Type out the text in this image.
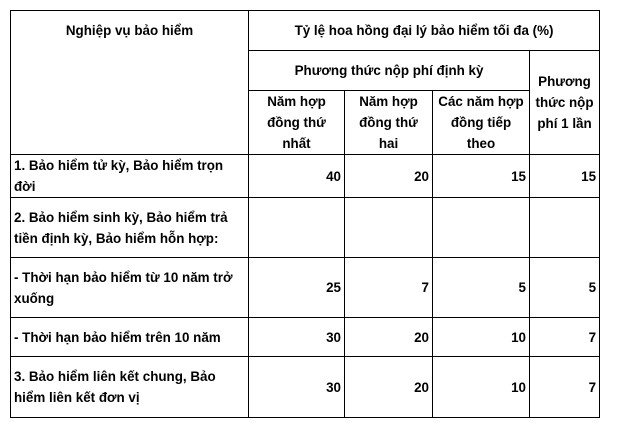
Nghiệp vụ bảo hiểm	Tỷ lệ hoa hồng đại lý bảo hiểm tối đa (%)			
	Phương thức nộp phí định kỳ			Phương thức nộp phí 1 lần
	Năm hợp đồng thứ nhất	Năm hợp đồng thứ hai	Các năm hợp đồng tiếp theo	
1. Bảo hiểm tử kỳ, Bảo hiểm trọn đời	40	20	15	15
2. Bảo hiểm sinh kỳ, Bảo hiểm trả tiền định kỳ, Bảo hiểm hỗn hợp:				
- Thời hạn bảo hiểm từ 10 năm trở xuống	25	7	5	5
- Thời hạn bảo hiểm trên 10 năm	30	20	10	7
3. Bảo hiểm liên kết chung, Bảo hiểm liên kết đơn vị	30	20	10	7
